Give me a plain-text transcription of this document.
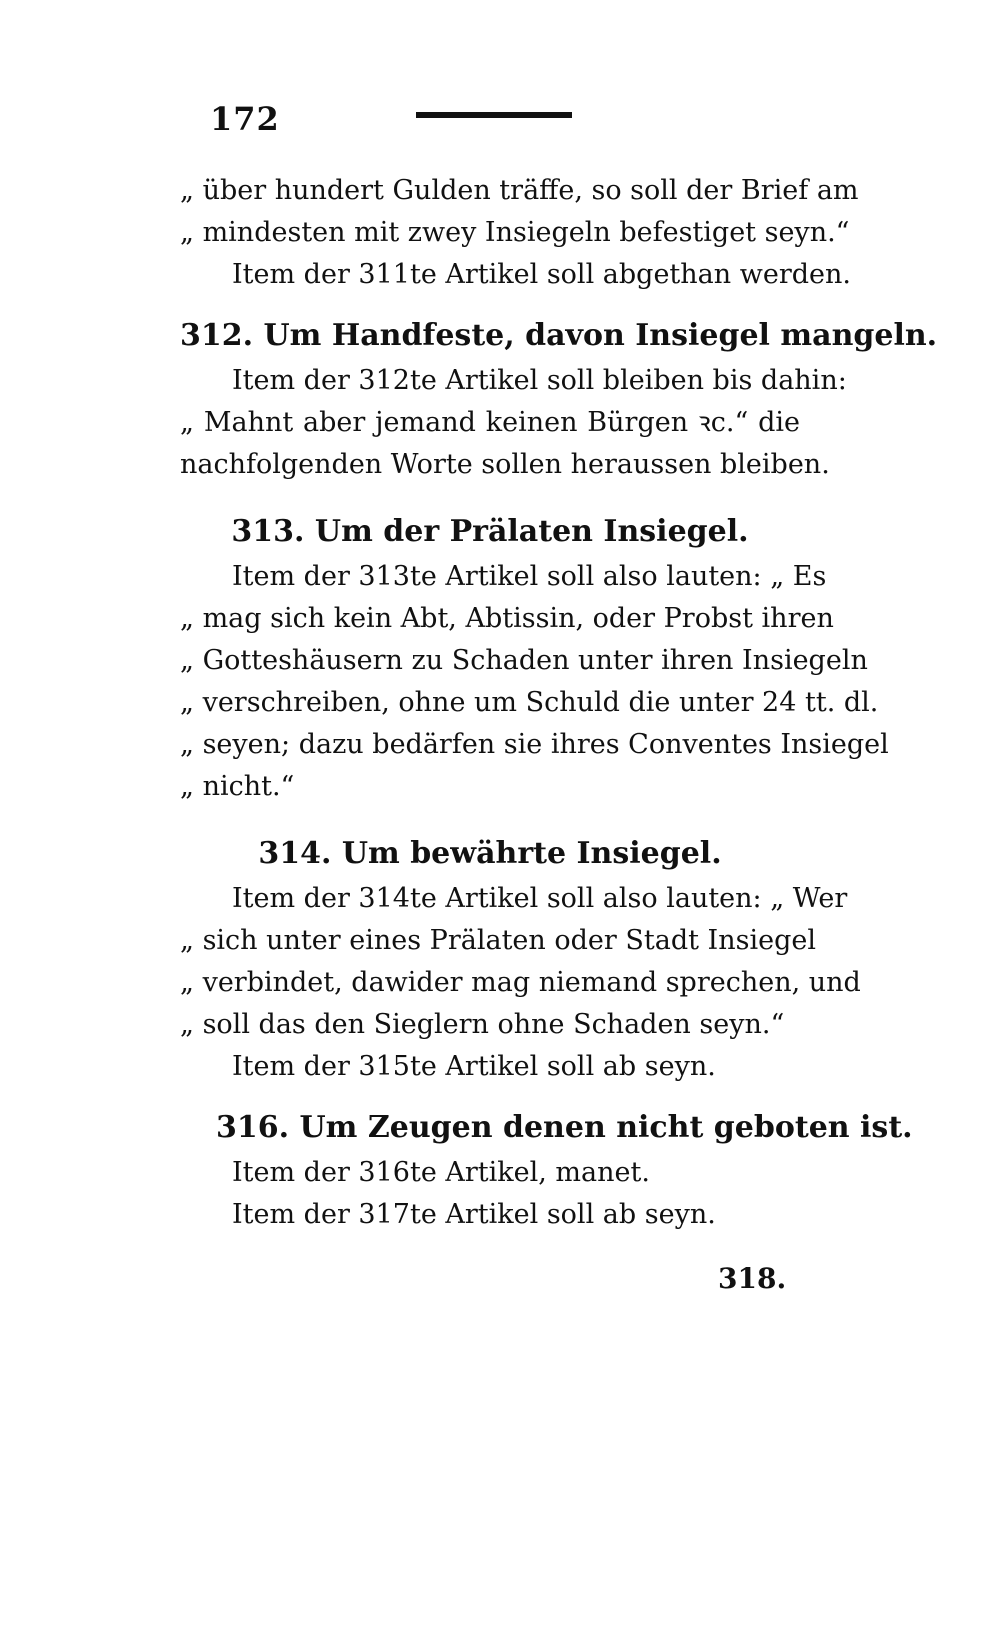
172
„ über hundert Gulden träffe, so soll der Brief am
„ mindesten mit zwey Insiegeln befestiget seyn.“
Item der 311te Artikel soll abgethan werden.
312. Um Handfeste, davon Insiegel mangeln.
Item der 312te Artikel soll bleiben bis dahin:
„ Mahnt aber jemand keinen Bürgen ꝛc.“ die
nachfolgenden Worte sollen heraussen bleiben.
313. Um der Prälaten Insiegel.
Item der 313te Artikel soll also lauten: „ Es
„ mag sich kein Abt, Abtissin, oder Probst ihren
„ Gotteshäusern zu Schaden unter ihren Insiegeln
„ verschreiben, ohne um Schuld die unter 24 tt. dl.
„ seyen; dazu bedärfen sie ihres Conventes Insiegel
„ nicht.“
314. Um bewährte Insiegel.
Item der 314te Artikel soll also lauten: „ Wer
„ sich unter eines Prälaten oder Stadt Insiegel
„ verbindet, dawider mag niemand sprechen, und
„ soll das den Sieglern ohne Schaden seyn.“
Item der 315te Artikel soll ab seyn.
316. Um Zeugen denen nicht geboten ist.
Item der 316te Artikel, manet.
Item der 317te Artikel soll ab seyn.
318.
